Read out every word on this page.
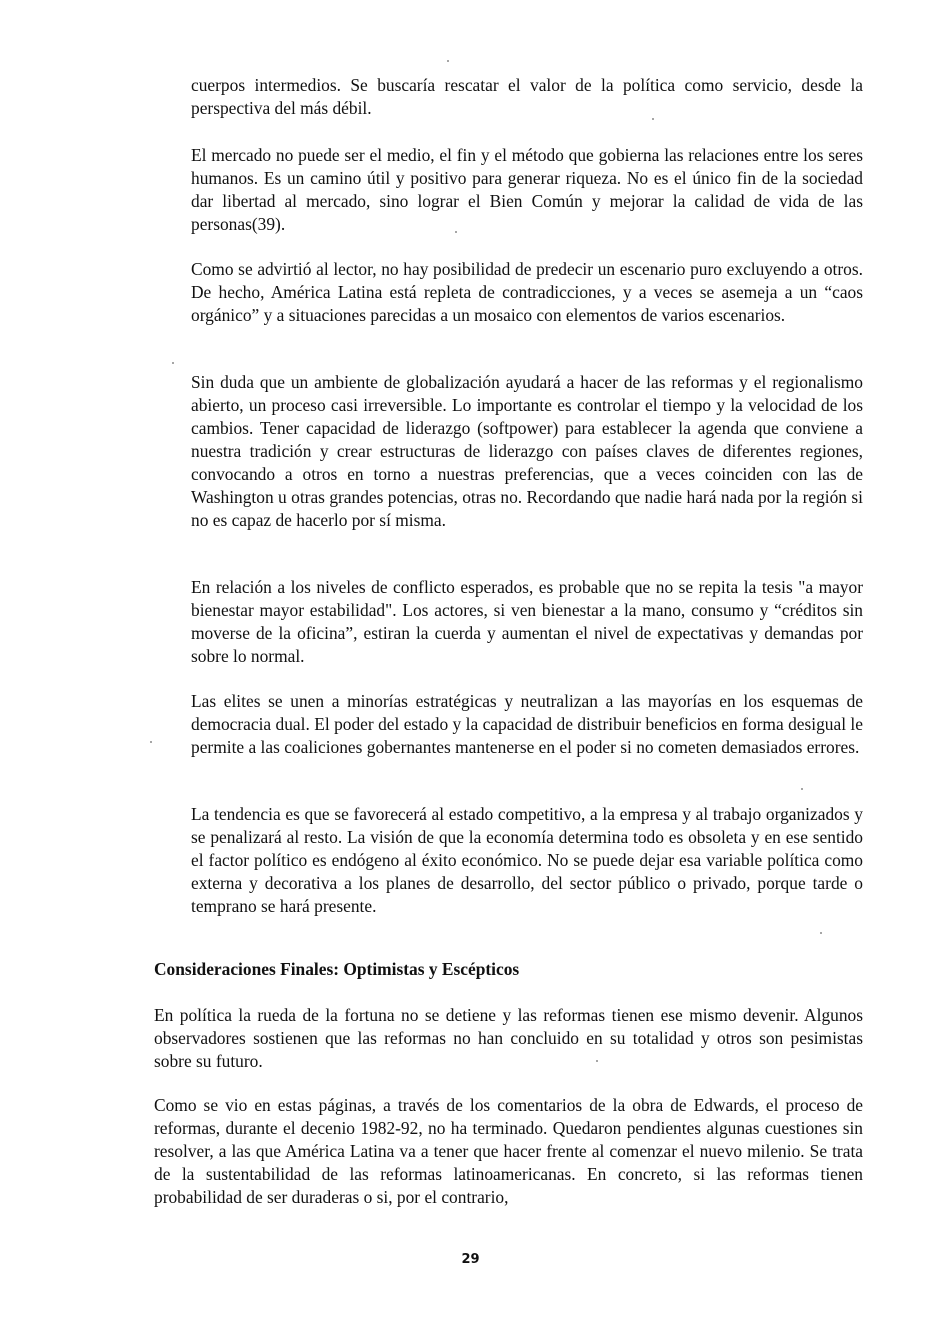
cuerpos intermedios. Se buscaría rescatar el valor de la política como servicio, desde la perspectiva del más débil.

El mercado no puede ser el medio, el fin y el método que gobierna las relaciones entre los seres humanos. Es un camino útil y positivo para generar riqueza. No es el único fin de la sociedad dar libertad al mercado, sino lograr el Bien Común y mejorar la calidad de vida de las personas(39).

Como se advirtió al lector, no hay posibilidad de predecir un escenario puro excluyendo a otros. De hecho, América Latina está repleta de contradicciones, y a veces se asemeja a un “caos orgánico” y a situaciones parecidas a un mosaico con elementos de varios escenarios.

Sin duda que un ambiente de globalización ayudará a hacer de las reformas y el regionalismo abierto, un proceso casi irreversible. Lo importante es controlar el tiempo y la velocidad de los cambios. Tener capacidad de liderazgo (softpower) para establecer la agenda que conviene a nuestra tradición y crear estructuras de liderazgo con países claves de diferentes regiones, convocando a otros en torno a nuestras preferencias, que a veces coinciden con las de Washington u otras grandes potencias, otras no. Recordando que nadie hará nada por la región si no es capaz de hacerlo por sí misma.

En relación a los niveles de conflicto esperados, es probable que no se repita la tesis "a mayor bienestar mayor estabilidad". Los actores, si ven bienestar a la mano, consumo y “créditos sin moverse de la oficina”, estiran la cuerda y aumentan el nivel de expectativas y demandas por sobre lo normal.

Las elites se unen a minorías estratégicas y neutralizan a las mayorías en los esquemas de democracia dual. El poder del estado y la capacidad de distribuir beneficios en forma desigual le permite a las coaliciones gobernantes mantenerse en el poder si no cometen demasiados errores.

La tendencia es que se favorecerá al estado competitivo, a la empresa y al trabajo organizados y se penalizará al resto. La visión de que la economía determina todo es obsoleta y en ese sentido el factor político es endógeno al éxito económico. No se puede dejar esa variable política como externa y decorativa a los planes de desarrollo, del sector público o privado, porque tarde o temprano se hará presente.

Consideraciones Finales: Optimistas y Escépticos

En política la rueda de la fortuna no se detiene y las reformas tienen ese mismo devenir. Algunos observadores sostienen que las reformas no han concluido en su totalidad y otros son pesimistas sobre su futuro.

Como se vio en estas páginas, a través de los comentarios de la obra de Edwards, el proceso de reformas, durante el decenio 1982-92, no ha terminado. Quedaron pendientes algunas cuestiones sin resolver, a las que América Latina va a tener que hacer frente al comenzar el nuevo milenio. Se trata de la sustentabilidad de las reformas latinoamericanas. En concreto, si las reformas tienen probabilidad de ser duraderas o si, por el contrario,

29
